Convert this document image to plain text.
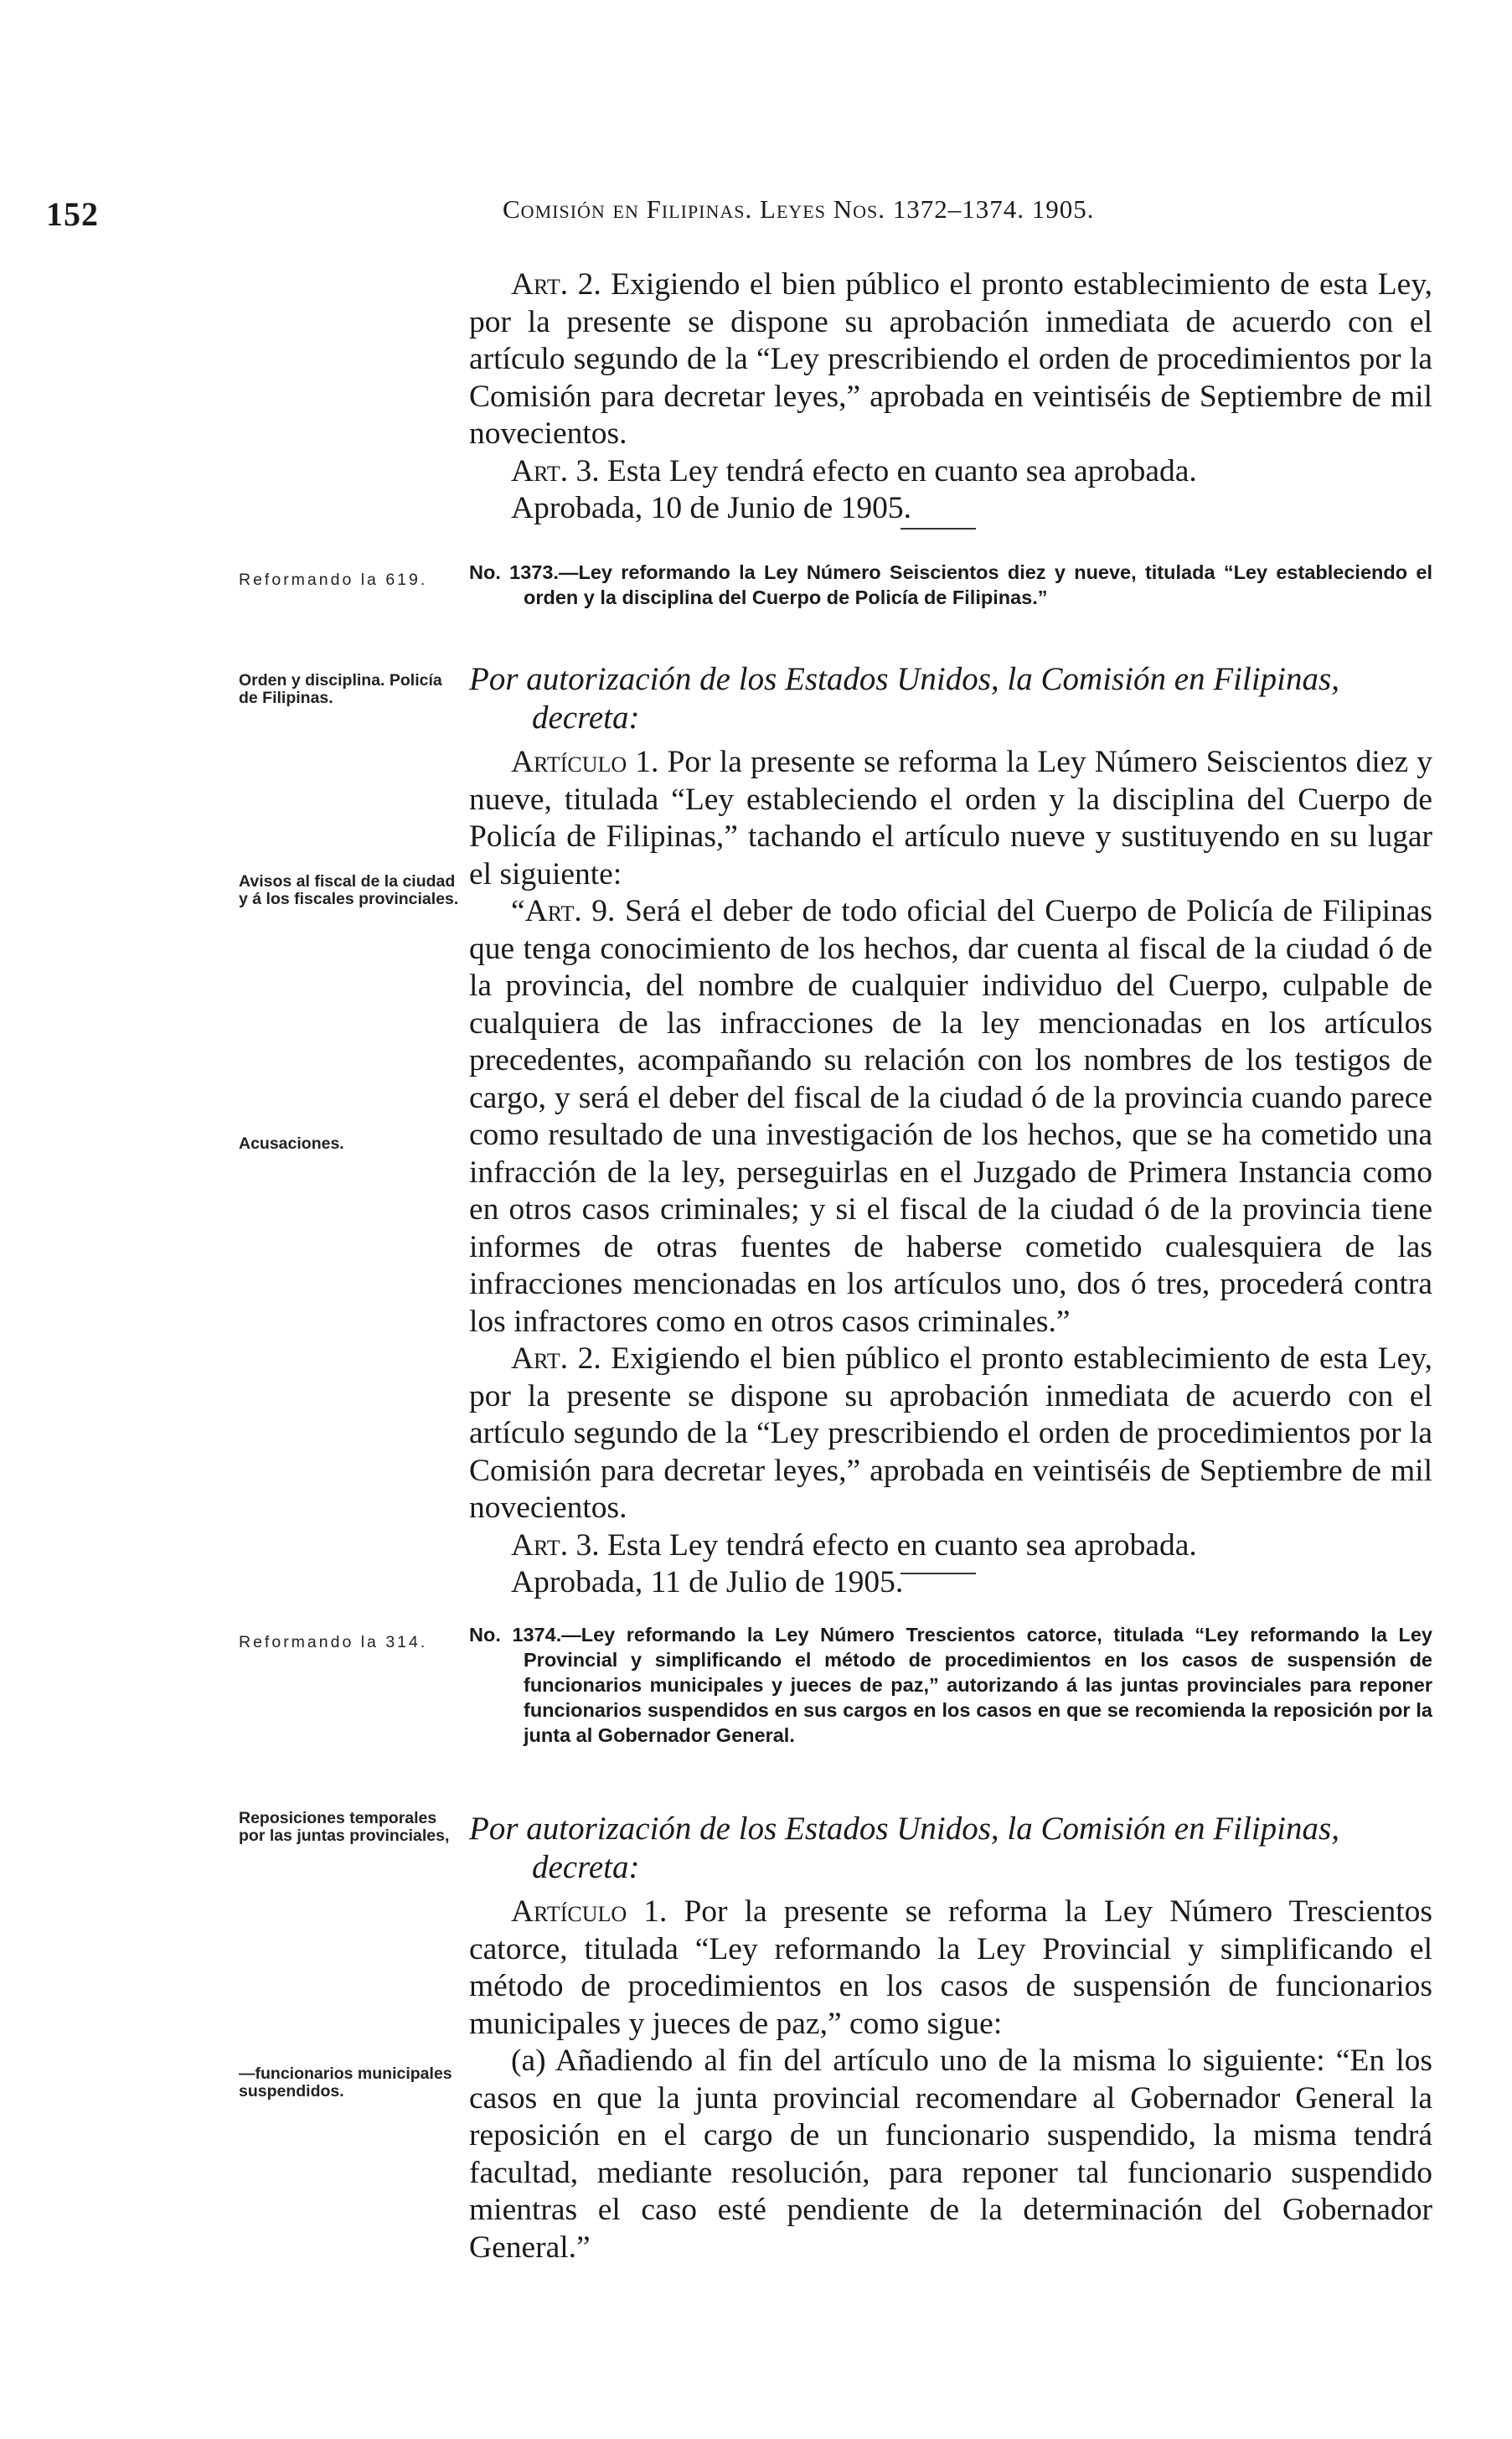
152	Comisión en Filipinas. Leyes Nos. 1372–1374. 1905.

Art. 2. Exigiendo el bien público el pronto establecimiento de esta Ley, por la presente se dispone su aprobación inmediata de acuerdo con el artículo segundo de la “Ley prescribiendo el orden de procedimientos por la Comisión para decretar leyes,” aprobada en veintiséis de Septiembre de mil novecientos.

Art. 3. Esta Ley tendrá efecto en cuanto sea aprobada.

Aprobada, 10 de Junio de 1905.

Reformando la 619.	No. 1373.—Ley reformando la Ley Número Seiscientos diez y nueve, titulada “Ley estableciendo el orden y la disciplina del Cuerpo de Policía de Filipinas.”
Orden y disciplina. Policía de Filipinas.
Por autorización de los Estados Unidos, la Comisión en Filipinas,
decreta:

Artículo 1. Por la presente se reforma la Ley Número Seiscientos diez y nueve, titulada “Ley estableciendo el orden y la disciplina del Cuerpo de Policía de Filipinas,” tachando el artículo nueve y sustituyendo en su lugar el siguiente:

“Art. 9. Será el deber de todo oficial del Cuerpo de Policía de Filipinas que tenga conocimiento de los hechos, dar cuenta al fiscal de la ciudad ó de la provincia, del nombre de cualquier individuo del Cuerpo, culpable de cualquiera de las infracciones de la ley mencionadas en los artículos precedentes, acompañando su relación con los nombres de los testigos de cargo, y será el deber del fiscal de la ciudad ó de la provincia cuando parece como resultado de una investigación de los hechos, que se ha cometido una infracción de la ley, perseguirlas en el Juzgado de Primera Instancia como en otros casos criminales; y si el fiscal de la ciudad ó de la provincia tiene informes de otras fuentes de haberse cometido cualesquiera de las infracciones mencionadas en los artículos uno, dos ó tres, procederá contra los infractores como en otros casos criminales.”

Art. 2. Exigiendo el bien público el pronto establecimiento de esta Ley, por la presente se dispone su aprobación inmediata de acuerdo con el artículo segundo de la “Ley prescribiendo el orden de procedimientos por la Comisión para decretar leyes,” aprobada en veintiséis de Septiembre de mil novecientos.

Art. 3. Esta Ley tendrá efecto en cuanto sea aprobada.

Aprobada, 11 de Julio de 1905.

Avisos al fiscal de la ciudad y á los fiscales provinciales.
Acusaciones.
Reformando la 314.	No. 1374.—Ley reformando la Ley Número Trescientos catorce, titulada “Ley reformando la Ley Provincial y simplificando el método de procedimientos en los casos de suspensión de funcionarios municipales y jueces de paz,” autorizando á las juntas provinciales para reponer funcionarios suspendidos en sus cargos en los casos en que se recomienda la reposición por la junta al Gobernador General.
Reposiciones temporales por las juntas provinciales, Por autorización de los Estados Unidos, la Comisión en Filipinas,
decreta:

Artículo 1. Por la presente se reforma la Ley Número Trescientos catorce, titulada “Ley reformando la Ley Provincial y simplificando el método de procedimientos en los casos de suspensión de funcionarios municipales y jueces de paz,” como sigue:

(a) Añadiendo al fin del artículo uno de la misma lo siguiente: “En los casos en que la junta provincial recomendare al Gobernador General la reposición en el cargo de un funcionario suspendido, la misma tendrá facultad, mediante resolución, para reponer tal funcionario suspendido mientras el caso esté pendiente de la determinación del Gobernador General.”

—funcionarios municipales suspendidos.
